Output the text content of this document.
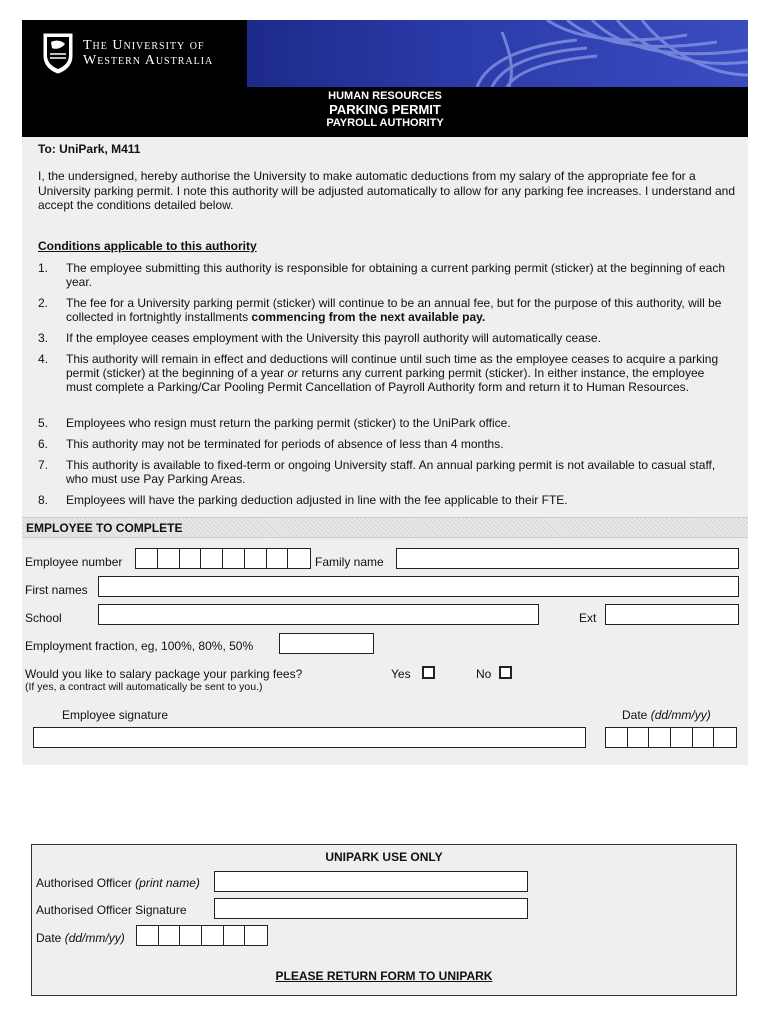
The University of
Western Australia
HUMAN RESOURCES
PARKING PERMIT
PAYROLL AUTHORITY
To: UniPark, M411
I, the undersigned, hereby authorise the University to make automatic deductions from my salary of the appropriate fee for a University parking permit. I note this authority will be adjusted automatically to allow for any parking fee increases. I understand and accept the conditions detailed below.
Conditions applicable to this authority
1.	The employee submitting this authority is responsible for obtaining a current parking permit (sticker) at the beginning of each year.
2.	The fee for a University parking permit (sticker) will continue to be an annual fee, but for the purpose of this authority, will be collected in fortnightly installments commencing from the next available pay.
3.	If the employee ceases employment with the University this payroll authority will automatically cease.
4.	This authority will remain in effect and deductions will continue until such time as the employee ceases to acquire a parking permit (sticker) at the beginning of a year or returns any current parking permit (sticker). In either instance, the employee must complete a Parking/Car Pooling Permit Cancellation of Payroll Authority form and return it to Human Resources.
5.	Employees who resign must return the parking permit (sticker) to the UniPark office.
6.	This authority may not be terminated for periods of absence of less than 4 months.
7.	This authority is available to fixed-term or ongoing University staff. An annual parking permit is not available to casual staff, who must use Pay Parking Areas.
8.	Employees will have the parking deduction adjusted in line with the fee applicable to their FTE.
EMPLOYEE TO COMPLETE
Employee number	Family name
First names
School	Ext
Employment fraction, eg, 100%, 80%, 50%
Would you like to salary package your parking fees?
(If yes, a contract will automatically be sent to you.)
Yes	No
Employee signature	Date (dd/mm/yy)
UNIPARK USE ONLY
Authorised Officer (print name)
Authorised Officer Signature
Date (dd/mm/yy)
PLEASE RETURN FORM TO UNIPARK
